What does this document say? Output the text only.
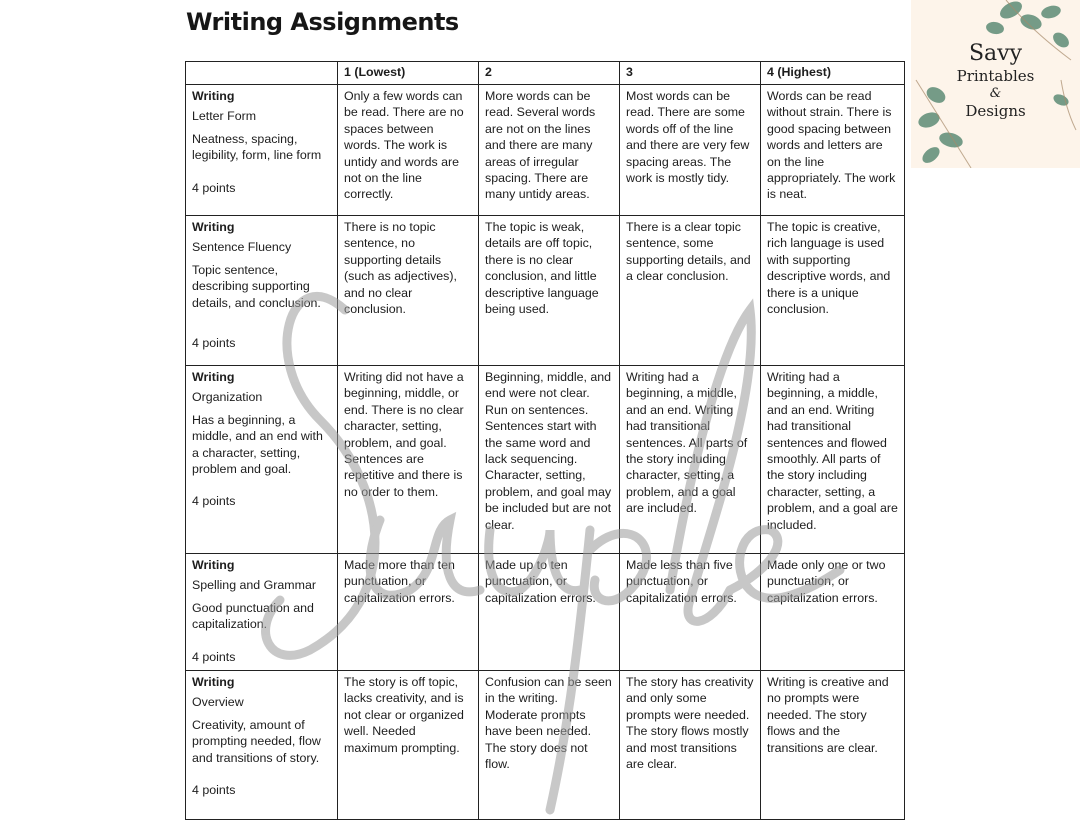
Writing Assignments
	1 (Lowest)	2	3	4 (Highest)

Writing
Letter Form
Neatness, spacing, legibility, form, line form
4 points	Only a few words can be read. There are no spaces between words. The work is untidy and words are not on the line correctly.	More words can be read. Several words are not on the lines and there are many areas of irregular spacing. There are many untidy areas.	Most words can be read. There are some words off of the line and there are very few spacing areas. The work is mostly tidy.	Words can be read without strain. There is good spacing between words and letters are on the line appropriately. The work is neat.

Writing
Sentence Fluency
Topic sentence, describing supporting details, and conclusion.
4 points	There is no topic sentence, no supporting details (such as adjectives), and no clear conclusion.	The topic is weak, details are off topic, there is no clear conclusion, and little descriptive language being used.	There is a clear topic sentence, some supporting details, and a clear conclusion.	The topic is creative, rich language is used with supporting descriptive words, and there is a unique conclusion.

Writing
Organization
Has a beginning, a middle, and an end with a character, setting, problem and goal.
4 points	Writing did not have a beginning, middle, or end. There is no clear character, setting, problem, and goal. Sentences are repetitive and there is no order to them.	Beginning, middle, and end were not clear. Run on sentences. Sentences start with the same word and lack sequencing. Character, setting, problem, and goal may be included but are not clear.	Writing had a beginning, a middle, and an end. Writing had transitional sentences. All parts of the story including character, setting, a problem, and a goal are included.	Writing had a beginning, a middle, and an end. Writing had transitional sentences and flowed smoothly. All parts of the story including character, setting, a problem, and a goal are included.

Writing
Spelling and Grammar
Good punctuation and capitalization.
4 points	Made more than ten punctuation, or capitalization errors.	Made up to ten punctuation, or capitalization errors.	Made less than five punctuation, or capitalization errors.	Made only one or two punctuation, or capitalization errors.

Writing
Overview
Creativity, amount of prompting needed, flow and transitions of story.
4 points	The story is off topic, lacks creativity, and is not clear or organized well. Needed maximum prompting.	Confusion can be seen in the writing. Moderate prompts have been needed. The story does not flow.	The story has creativity and only some prompts were needed. The story flows mostly and most transitions are clear.	Writing is creative and no prompts were needed. The story flows and the transitions are clear.
Savy
Printables
&
Designs
